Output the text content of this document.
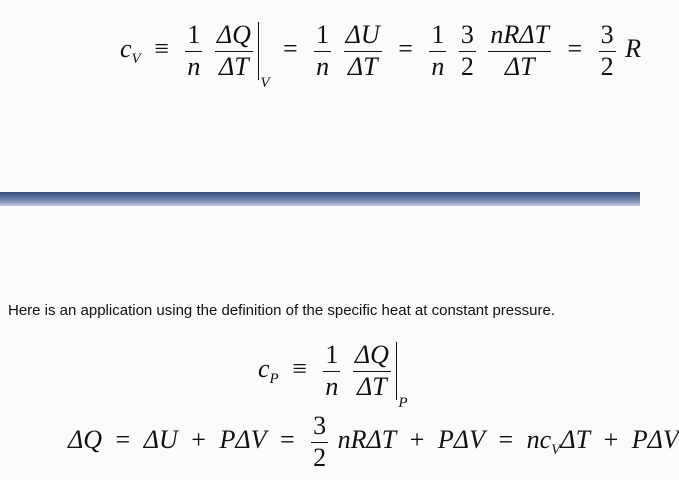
$c_V \equiv \frac{1}{n}$
$\frac{\Delta Q}{\Delta T}$
$V = \frac{1}{n}$
$\frac{\Delta U}{\Delta T} = \frac{1}{n}$
$\frac{3}{2}$
$\frac{\text{nRΔT}}{\Delta T} = \frac{3}{2}$ R
Here is an application using the definition of the specific heat at constant pressure.
$c_P \equiv \frac{1}{n}$
$\frac{\Delta Q}{\Delta T}$
P
$\Delta Q = \Delta U + P\Delta V = \frac{3}{2}$ $nR\Delta T + P\Delta V = nc_V\Delta T + P\Delta V$
